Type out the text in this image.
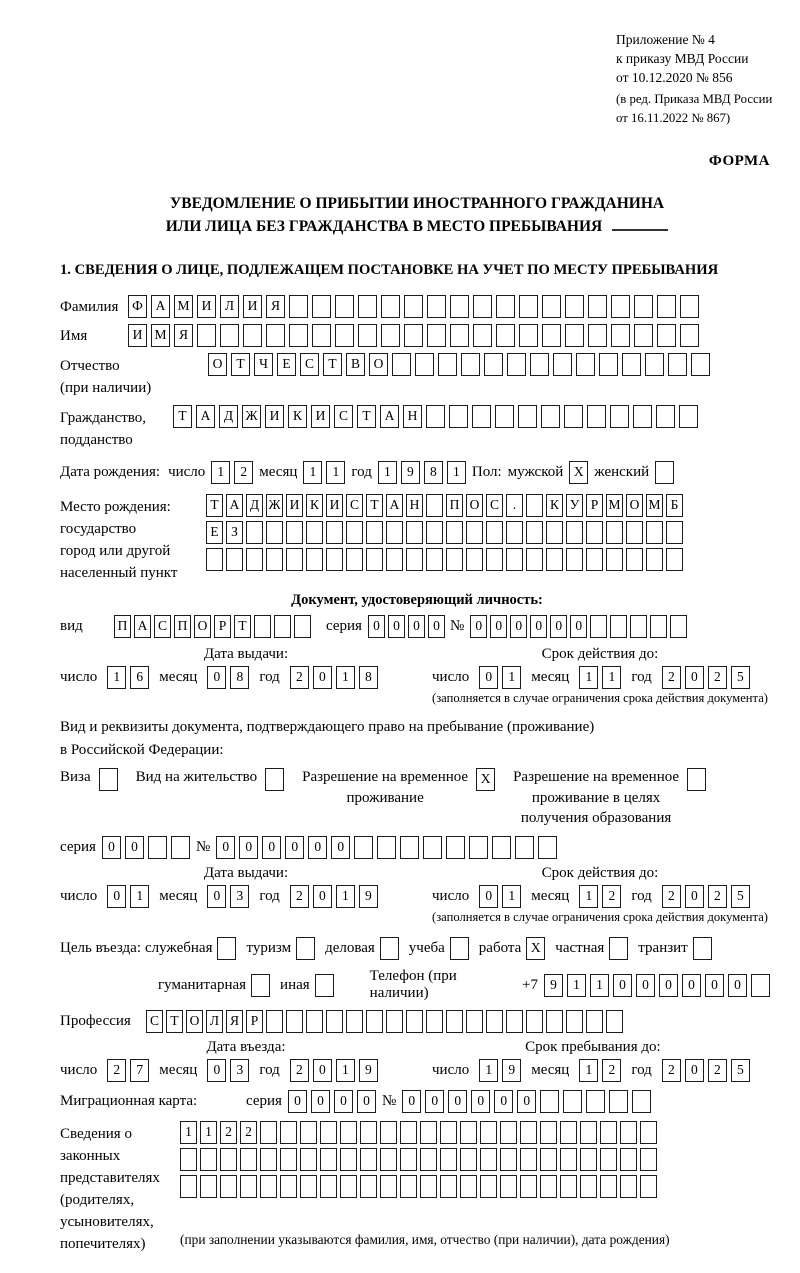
Приложение № 4
к приказу МВД России
от 10.12.2020 № 856
(в ред. Приказа МВД России
от 16.11.2022 № 867)
ФОРМА
УВЕДОМЛЕНИЕ О ПРИБЫТИИ ИНОСТРАННОГО ГРАЖДАНИНА
ИЛИ ЛИЦА БЕЗ ГРАЖДАНСТВА В МЕСТО ПРЕБЫВАНИЯ
1. СВЕДЕНИЯ О ЛИЦЕ, ПОДЛЕЖАЩЕМ ПОСТАНОВКЕ НА УЧЕТ ПО МЕСТУ ПРЕБЫВАНИЯ
Фамилия	Ф А М И Л И Я
Имя	И М Я
Отчество
(при наличии)
О Т Ч Е С Т В О
Гражданство,
подданство
Т А Д Ж И К И С Т А Н
Дата рождения: число 1 2 месяц 1 1 год 1 9 8 1 Пол: мужской X женский
Место рождения:
государство
город или другой
населенный пункт
Т А Д Ж И К И С Т А Н П О С .	К У Р М О М Б
Е З
Документ, удостоверяющий личность:
вид	П А С П О Р Т	серия 0 0 0 0 № 0 0 0 0 0 0
Дата выдачи:
число 1 6 месяц 0 8 год 2 0 1 8
Срок действия до:
число 0 1 месяц 1 1 год 2 0 2 5
(заполняется в случае ограничения срока действия документа)
Вид и реквизиты документа, подтверждающего право на пребывание (проживание)
в Российской Федерации:
Виза	Вид на жительство	Разрешение на временное
проживание
X	Разрешение на временное
проживание в целях
получения образования
серия 0 0	№ 0 0 0 0 0 0
Дата выдачи:
число 0 1 месяц 0 3 год 2 0 1 9
Срок действия до:
число 0 1 месяц 1 2 год 2 0 2 5
(заполняется в случае ограничения срока действия документа)
Цель въезда: служебная	туризм	деловая	учеба	работа X частная	транзит
гуманитарная	иная
Телефон (при наличии)
+7 9 1 1 0 0 0 0 0 0
Профессия	С Т О Л Я Р
Дата въезда:
число 2 7 месяц 0 3 год 2 0 1 9
Срок пребывания до:
число 1 9 месяц 1 2 год 2 0 2 5
Миграционная карта:	серия 0 0 0 0 № 0 0 0 0 0 0
Сведения о
законных
представителях
(родителях,
усыновителях,
попечителях)
1 1 2 2
(при заполнении указываются фамилия, имя, отчество (при наличии), дата рождения)
